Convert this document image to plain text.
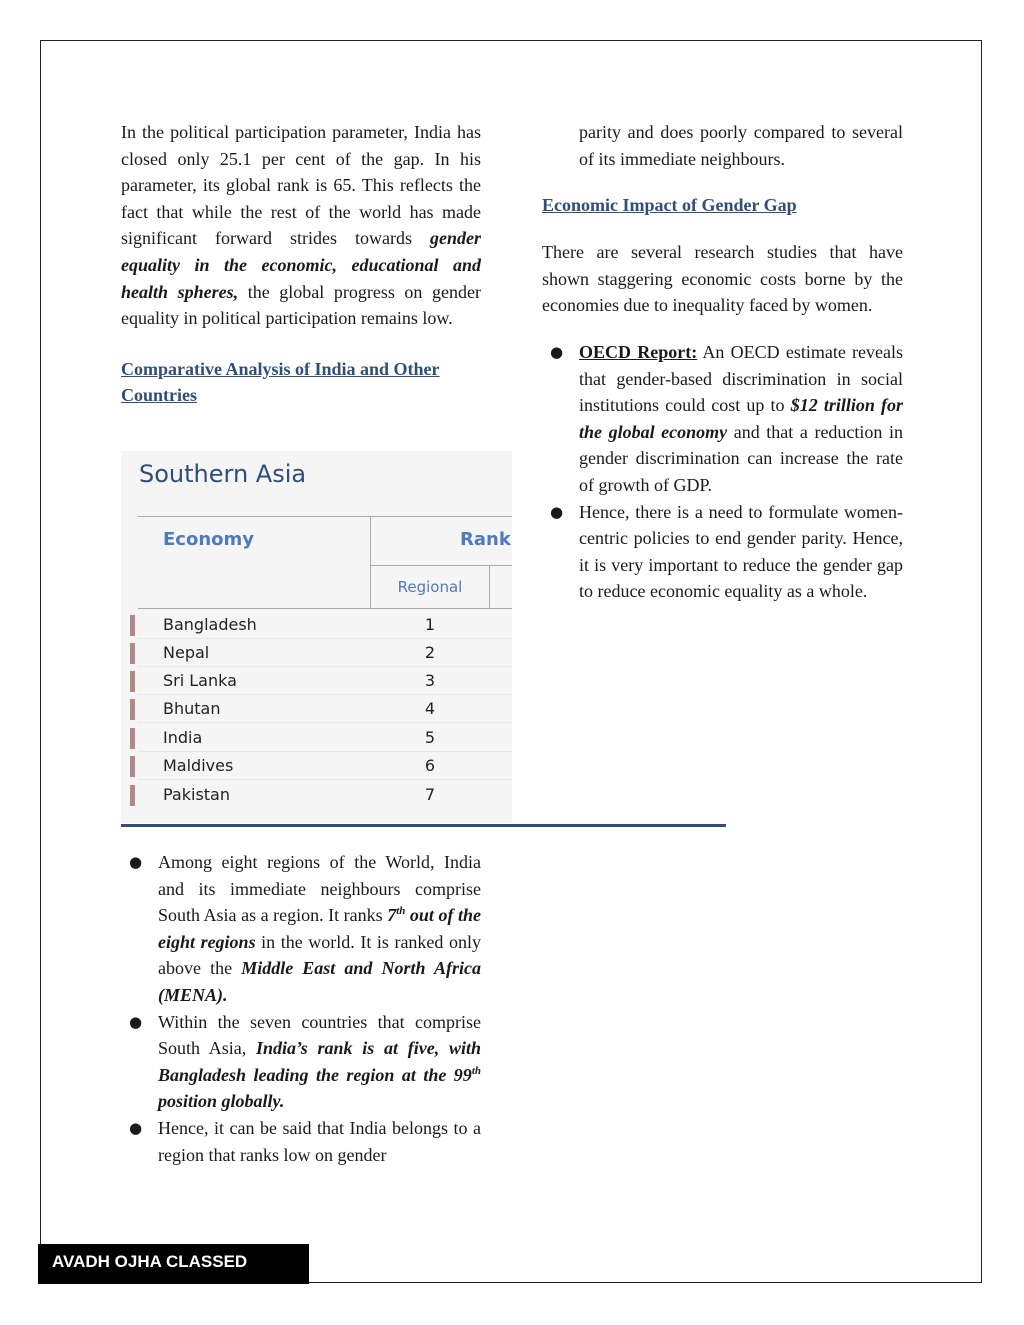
In the political participation parameter, India has closed only 25.1 per cent of the gap. In his parameter, its global rank is 65. This reflects the fact that while the rest of the world has made significant forward strides towards gender equality in the economic, educational and health spheres, the global progress on gender equality in political participation remains low.

Comparative Analysis of India and Other Countries

Southern Asia
Economy	Rank
Regional
Bangladesh	1
Nepal	2
Sri Lanka	3
Bhutan	4
India	5
Maldives	6
Pakistan	7
● Among eight regions of the World, India and its immediate neighbours comprise South Asia as a region. It ranks 7th out of the eight regions in the world. It is ranked only above the Middle East and North Africa (MENA).
● Within the seven countries that comprise South Asia, India’s rank is at five, with Bangladesh leading the region at the 99th position globally.
● Hence, it can be said that India belongs to a region that ranks low on gender

parity and does poorly compared to several of its immediate neighbours.

Economic Impact of Gender Gap

There are several research studies that have shown staggering economic costs borne by the economies due to inequality faced by women.

● OECD Report: An OECD estimate reveals that gender-based discrimination in social institutions could cost up to $12 trillion for the global economy and that a reduction in gender discrimination can increase the rate of growth of GDP.
● Hence, there is a need to formulate women-centric policies to end gender parity. Hence, it is very important to reduce the gender gap to reduce economic equality as a whole.
AVADH OJHA CLASSED
